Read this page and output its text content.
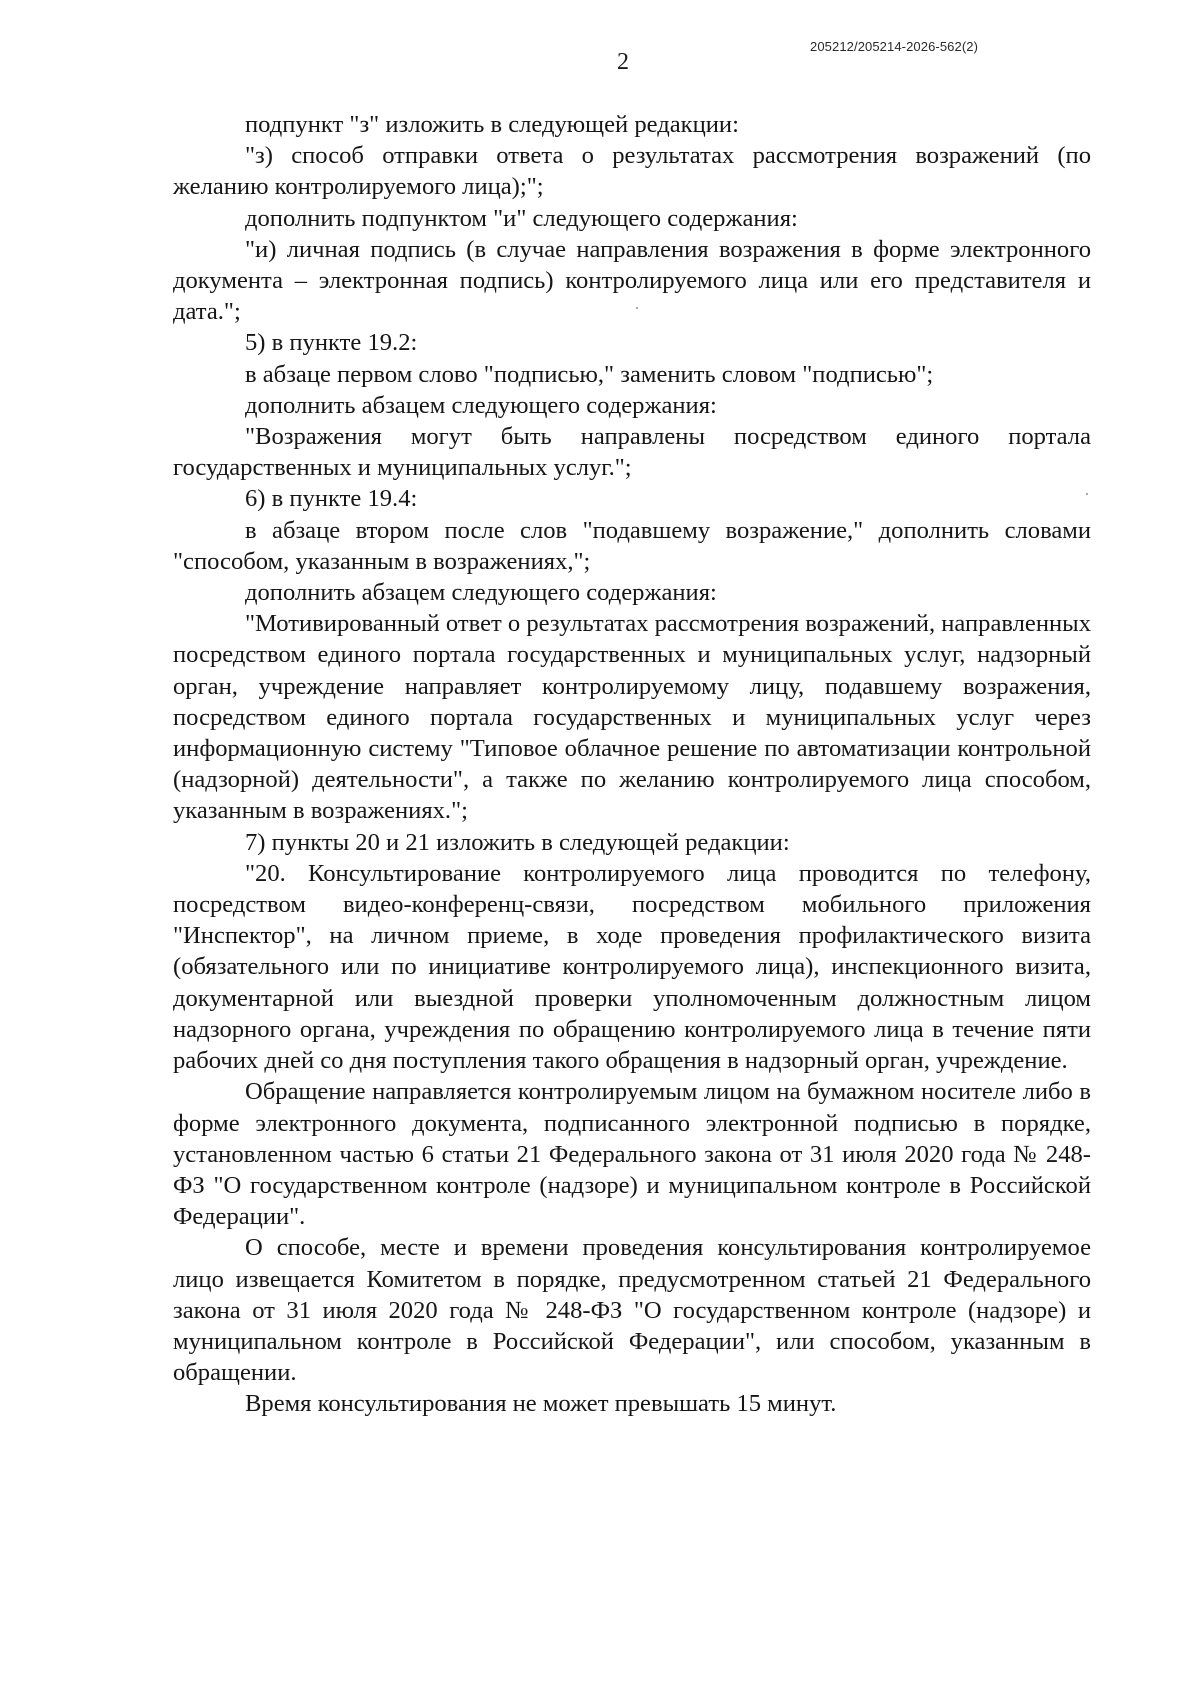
205212/205214-2026-562(2)
2

подпункт "з" изложить в следующей редакции:

"з) способ отправки ответа о результатах рассмотрения возражений (по желанию контролируемого лица);";

дополнить подпунктом "и" следующего содержания:

"и) личная подпись (в случае направления возражения в форме электронного документа – электронная подпись) контролируемого лица или его представителя и дата.";

5) в пункте 19.2:

в абзаце первом слово "подписью," заменить словом "подписью";

дополнить абзацем следующего содержания:

"Возражения могут быть направлены посредством единого портала государственных и муниципальных услуг.";

6) в пункте 19.4:

в абзаце втором после слов "подавшему возражение," дополнить словами "способом, указанным в возражениях,";

дополнить абзацем следующего содержания:

"Мотивированный ответ о результатах рассмотрения возражений, направленных посредством единого портала государственных и муниципальных услуг, надзорный орган, учреждение направляет контролируемому лицу, подавшему возражения, посредством единого портала государственных и муниципальных услуг через информационную систему "Типовое облачное решение по автоматизации контрольной (надзорной) деятельности", а также по желанию контролируемого лица способом, указанным в возражениях.";

7) пункты 20 и 21 изложить в следующей редакции:

"20. Консультирование контролируемого лица проводится по телефону, посредством видео-конференц-связи, посредством мобильного приложения "Инспектор", на личном приеме, в ходе проведения профилактического визита (обязательного или по инициативе контролируемого лица), инспекционного визита, документарной или выездной проверки уполномоченным должностным лицом надзорного органа, учреждения по обращению контролируемого лица в течение пяти рабочих дней со дня поступления такого обращения в надзорный орган, учреждение.

Обращение направляется контролируемым лицом на бумажном носителе либо в форме электронного документа, подписанного электронной подписью в порядке, установленном частью 6 статьи 21 Федерального закона от 31 июля 2020 года № 248-ФЗ "О государственном контроле (надзоре) и муниципальном контроле в Российской Федерации".

О способе, месте и времени проведения консультирования контролируемое лицо извещается Комитетом в порядке, предусмотренном статьей 21 Федерального закона от 31 июля 2020 года № 248-ФЗ "О государственном контроле (надзоре) и муниципальном контроле в Российской Федерации", или способом, указанным в обращении.

Время консультирования не может превышать 15 минут.
